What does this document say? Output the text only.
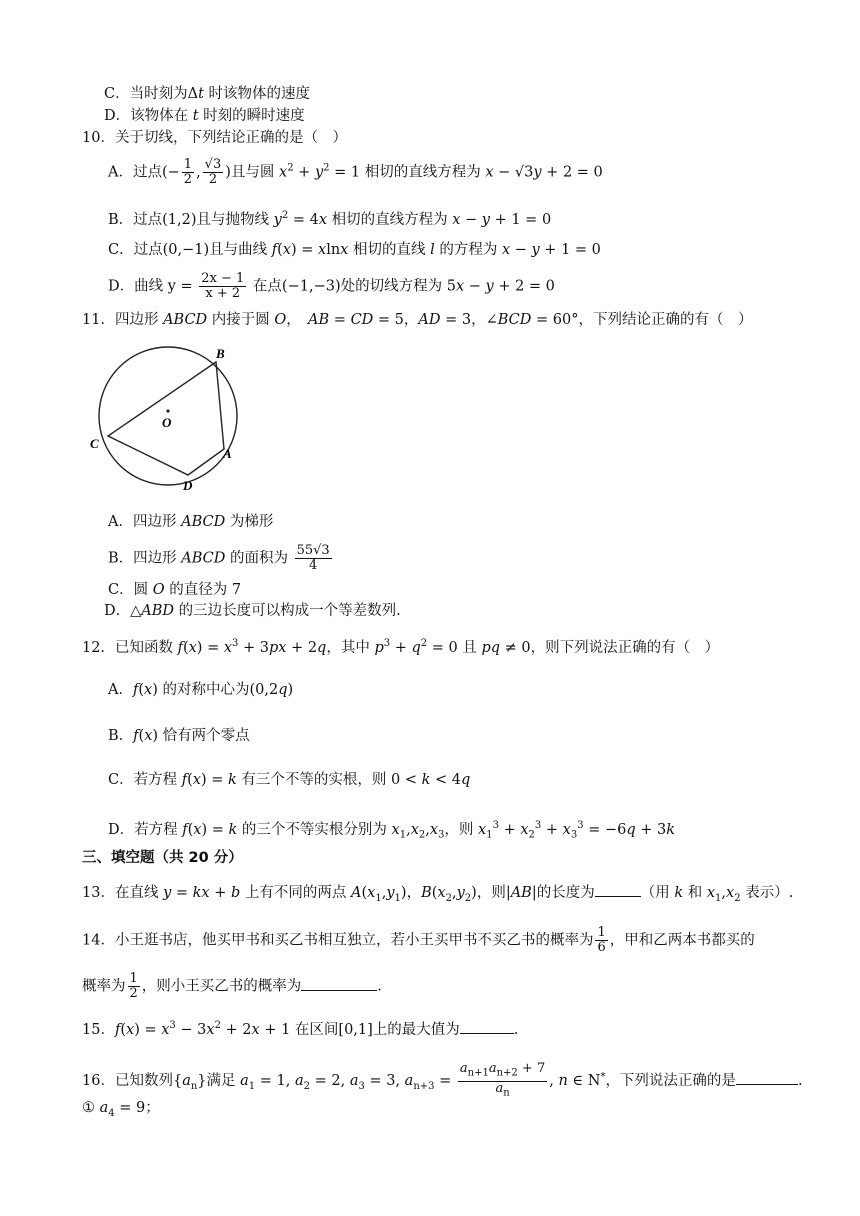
C．当时刻为Δt 时该物体的速度
D．该物体在 t 时刻的瞬时速度
10．关于切线，下列结论正确的是（　）
A．过点(− $\frac{1}{2}$ , $\frac{√3}{2}$ )且与圆 $x^2 + y^2 = 1$ 相切的直线方程为 x − √3y + 2 = 0
B．过点(1,2)且与抛物线 $y^2 = 4x$ 相切的直线方程为 x − y + 1 = 0
C．过点(0,−1)且与曲线 f(x) = xlnx 相切的直线 l 的方程为 x − y + 1 = 0
D．曲线 $y = \frac{2x - 1}{x + 2}$ 在点(−1,−3)处的切线方程为 5x − y + 2 = 0
11．四边形 ABCD 内接于圆 O，　AB = CD = 5，AD = 3，∠BCD = 60°，下列结论正确的有（　）
B
O
C
A
D
A．四边形 ABCD 为梯形
B．四边形 ABCD 的面积为 $\frac{55√3}{4}$
C．圆 O 的直径为 7
D．△ABD 的三边长度可以构成一个等差数列.
12．已知函数 $f(x) = x^3 + 3px + 2q$，其中 $p^3 + q^2 = 0$ 且 pq ≠ 0，则下列说法正确的有（　）
A．f(x) 的对称中心为(0,2q)
B．f(x) 恰有两个零点
C．若方程 f(x) = k 有三个不等的实根，则 0 < k < 4q
D．若方程 f(x) = k 的三个不等实根分别为 $x_1,x_2,x_3$，则 $x_1^3 + x_2^3 + x_3^3 = -6q + 3k$
三、填空题（共 20 分）
13．在直线 y = kx + b 上有不同的两点 $A(x_1,y_1)$，$B(x_2,y_2)$，则|AB|的长度为	（用 k 和 $x_1,x_2$ 表示）.
14．小王逛书店，他买甲书和买乙书相互独立，若小王买甲书不买乙书的概率为 $\frac{1}{6}$ ，甲和乙两本书都买的
概率为 $\frac{1}{2}$ ，则小王买乙书的概率为	.
15．$f(x) = x^3 - 3x^2 + 2x + 1$ 在区间[0,1]上的最大值为	.
16．已知数列$\{a_n\}$满足 $a_1 = 1$, $a_2 = 2$, $a_3 = 3$, $a_{n+3} = \frac{a_{n+1}a_{n+2} + 7}{a_n}$ , n ∈ N*，下列说法正确的是	.
① $a_4 = 9$；
